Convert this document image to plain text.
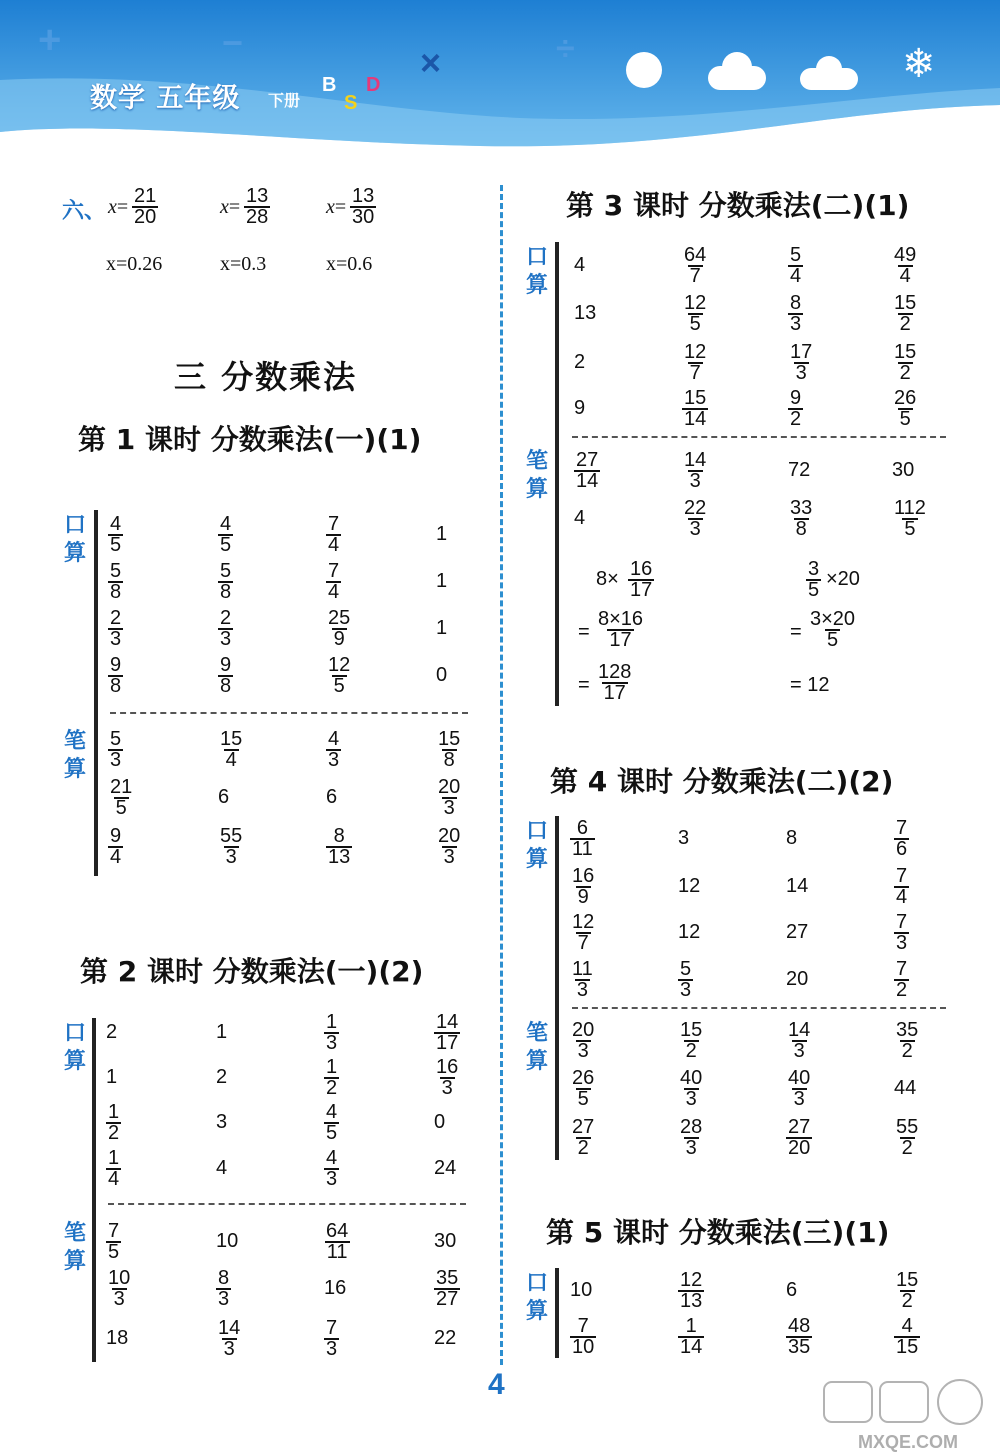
+	−	×	÷	❄
数学 五年级 下册
B
S
D
六、 $x= \frac{21}{20}$	$x= \frac{13}{28}$	$x= \frac{13}{30}$
x=0.26	x=0.3	x=0.6
三 分数乘法
第 1 课时 分数乘法(一)(1)
第 2 课时 分数乘法(一)(2)
第 3 课时 分数乘法(二)(1)
第 4 课时 分数乘法(二)(2)
第 5 课时 分数乘法(三)(1)
口算
笔算
$\frac{4}{5}$	$\frac{4}{5}$	$\frac{7}{4}$	1
$\frac{5}{8}$	$\frac{5}{8}$	$\frac{7}{4}$	1
$\frac{2}{3}$	$\frac{2}{3}$	$\frac{25}{9}$	1
$\frac{9}{8}$	$\frac{9}{8}$	$\frac{12}{5}$	0
$\frac{5}{3}$	$\frac{15}{4}$	$\frac{4}{3}$	$\frac{15}{8}$
$\frac{21}{5}$	6	6	$\frac{20}{3}$
$\frac{9}{4}$	$\frac{55}{3}$	$\frac{8}{13}$	$\frac{20}{3}$
口算
笔算
2	1	$\frac{1}{3}$	$\frac{14}{17}$
1	2	$\frac{1}{2}$	$\frac{16}{3}$
$\frac{1}{2}$	3	$\frac{4}{5}$	0
$\frac{1}{4}$	4	$\frac{4}{3}$	24
$\frac{7}{5}$	10	$\frac{64}{11}$	30
$\frac{10}{3}$	$\frac{8}{3}$	16	$\frac{35}{27}$
18	$\frac{14}{3}$	$\frac{7}{3}$	22
口算
笔算
4	$\frac{64}{7}$	$\frac{5}{4}$	$\frac{49}{4}$
13	$\frac{12}{5}$	$\frac{8}{3}$	$\frac{15}{2}$
2	$\frac{12}{7}$	$\frac{17}{3}$	$\frac{15}{2}$
9	$\frac{15}{14}$	$\frac{9}{2}$	$\frac{26}{5}$
$\frac{27}{14}$	$\frac{14}{3}$	72	30
4	$\frac{22}{3}$	$\frac{33}{8}$	$\frac{112}{5}$
口算
笔算
$\frac{6}{11}$	3	8	$\frac{7}{6}$
$\frac{16}{9}$	12	14	$\frac{7}{4}$
$\frac{12}{7}$	12	27	$\frac{7}{3}$
$\frac{11}{3}$	$\frac{5}{3}$	20	$\frac{7}{2}$
$\frac{20}{3}$	$\frac{15}{2}$	$\frac{14}{3}$	$\frac{35}{2}$
$\frac{26}{5}$	$\frac{40}{3}$	$\frac{40}{3}$	44
$\frac{27}{2}$	$\frac{28}{3}$	$\frac{27}{20}$	$\frac{55}{2}$
口算
10	$\frac{12}{13}$	6	$\frac{15}{2}$
$\frac{7}{10}$	$\frac{1}{14}$	$\frac{48}{35}$	$\frac{4}{15}$
$8\times \frac{16}{17}$
= $\frac{8\times 16}{17}$
= $\frac{128}{17}$
$\frac{3}{5} \times 20$
= $\frac{3\times 20}{5}$
= 12
4
MXQE.COM
